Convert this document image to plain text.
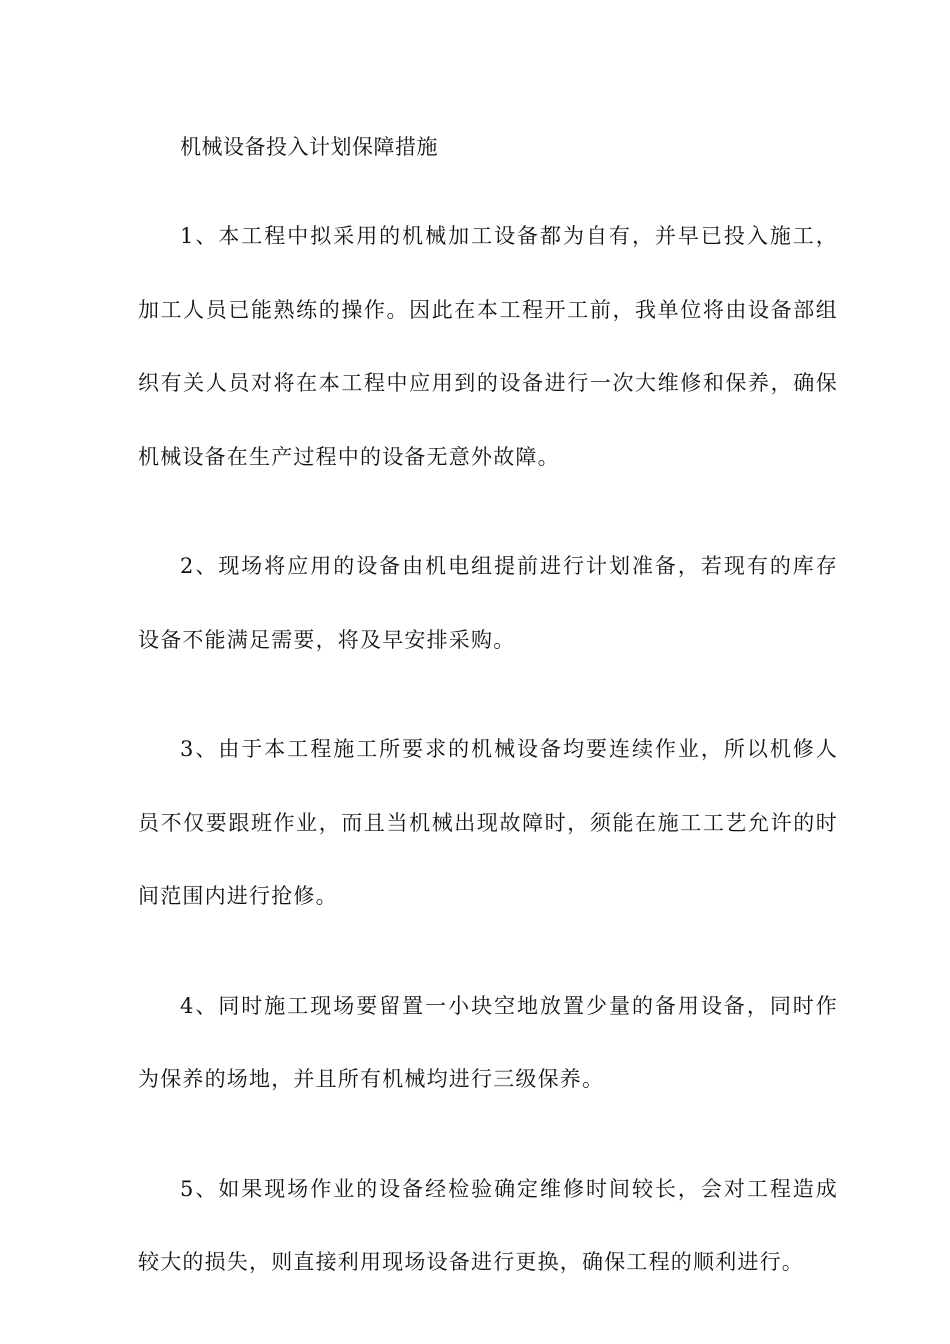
机械设备投入计划保障措施

1、本工程中拟采用的机械加工设备都为自有，并早已投入施工，加工人员已能熟练的操作。因此在本工程开工前，我单位将由设备部组织有关人员对将在本工程中应用到的设备进行一次大维修和保养，确保机械设备在生产过程中的设备无意外故障。

2、现场将应用的设备由机电组提前进行计划准备，若现有的库存设备不能满足需要，将及早安排采购。

3、由于本工程施工所要求的机械设备均要连续作业，所以机修人员不仅要跟班作业，而且当机械出现故障时，须能在施工工艺允许的时间范围内进行抢修。

4、同时施工现场要留置一小块空地放置少量的备用设备，同时作为保养的场地，并且所有机械均进行三级保养。

5、如果现场作业的设备经检验确定维修时间较长，会对工程造成较大的损失，则直接利用现场设备进行更换，确保工程的顺利进行。
